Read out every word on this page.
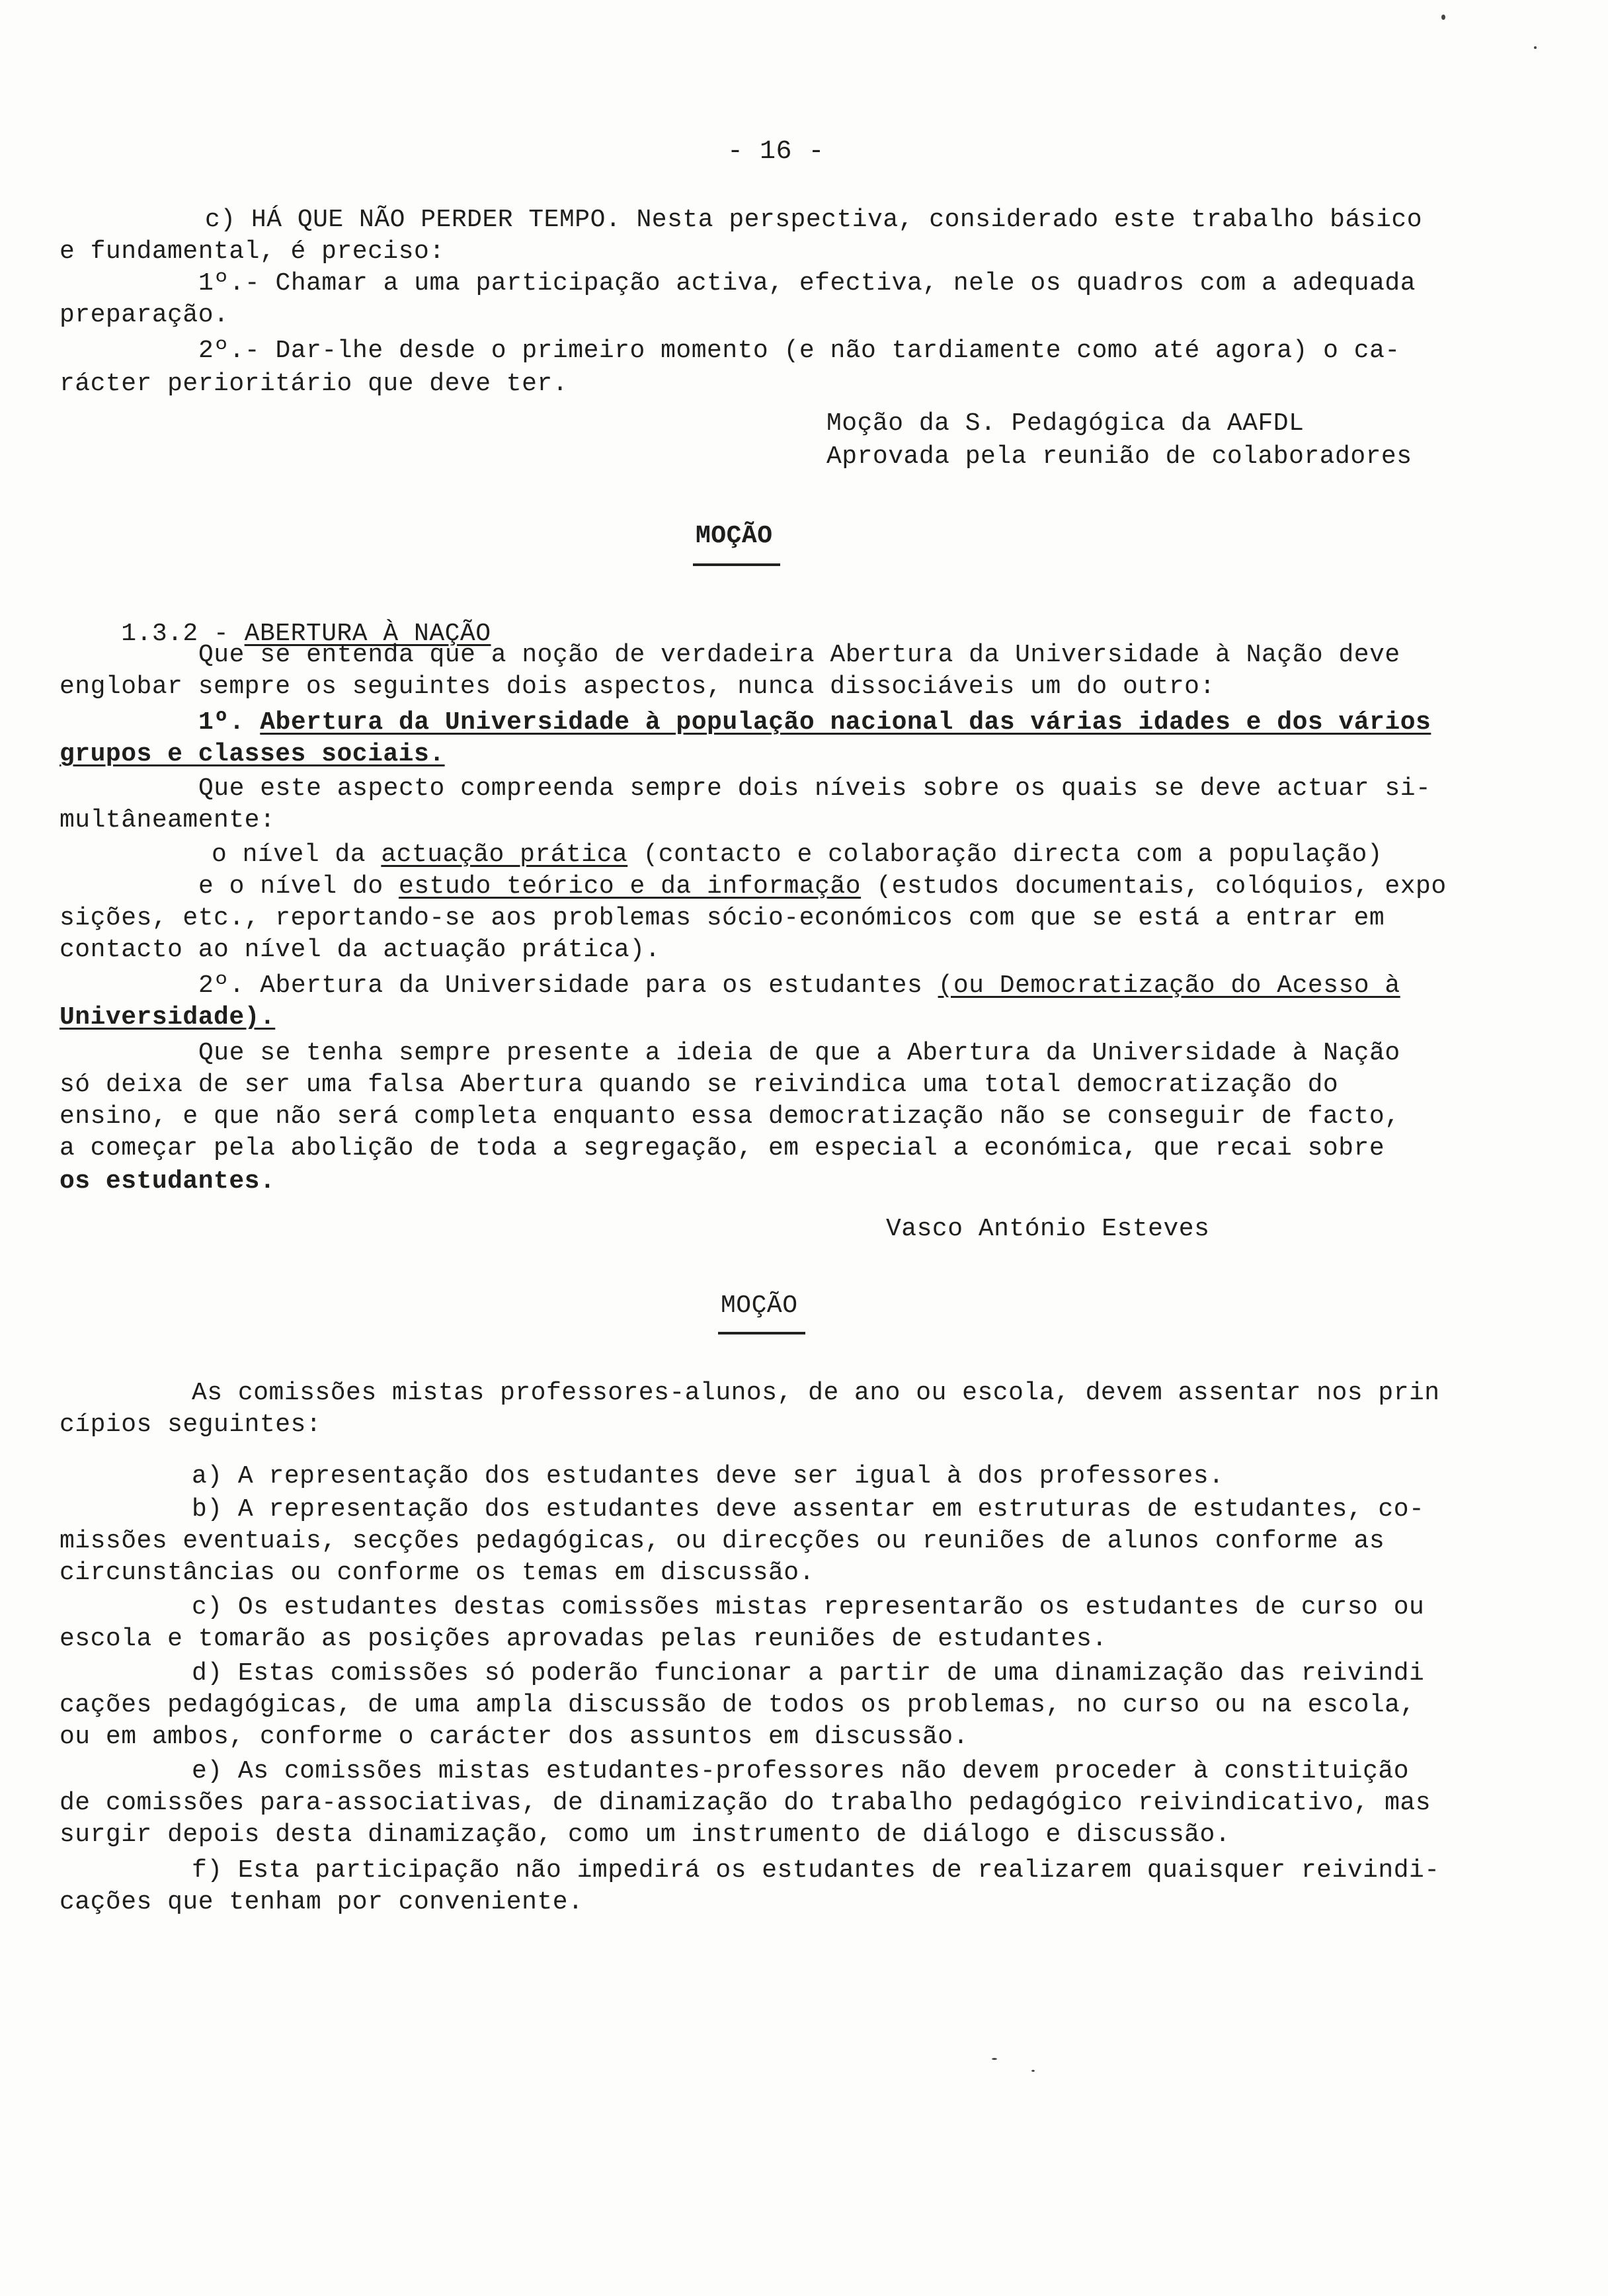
- 16 -
c) HÁ QUE NÃO PERDER TEMPO. Nesta perspectiva, considerado este trabalho básico
e fundamental, é preciso:
1º.- Chamar a uma participação activa, efectiva, nele os quadros com a adequada
preparação.
2º.- Dar-lhe desde o primeiro momento (e não tardiamente como até agora) o ca-
rácter perioritário que deve ter.
Moção da S. Pedagógica da AAFDL
Aprovada pela reunião de colaboradores
MOÇÃO

1.3.2 - ABERTURA À NAÇÃO

Que se entenda que a noção de verdadeira Abertura da Universidade à Nação deve
englobar sempre os seguintes dois aspectos, nunca dissociáveis um do outro:
1º. Abertura da Universidade à população nacional das várias idades e dos vários
grupos e classes sociais.
Que este aspecto compreenda sempre dois níveis sobre os quais se deve actuar si-
multâneamente:
o nível da actuação prática (contacto e colaboração directa com a população)
e o nível do estudo teórico e da informação (estudos documentais, colóquios, expo
sições, etc., reportando-se aos problemas sócio-económicos com que se está a entrar em
contacto ao nível da actuação prática).
2º. Abertura da Universidade para os estudantes (ou Democratização do Acesso à
Universidade).
Que se tenha sempre presente a ideia de que a Abertura da Universidade à Nação
só deixa de ser uma falsa Abertura quando se reivindica uma total democratização do
ensino, e que não será completa enquanto essa democratização não se conseguir de facto,
a começar pela abolição de toda a segregação, em especial a económica, que recai sobre
os estudantes.
Vasco António Esteves
MOÇÃO
As comissões mistas professores-alunos, de ano ou escola, devem assentar nos prin
cípios seguintes:
a) A representação dos estudantes deve ser igual à dos professores.
b) A representação dos estudantes deve assentar em estruturas de estudantes, co-
missões eventuais, secções pedagógicas, ou direcções ou reuniões de alunos conforme as
circunstâncias ou conforme os temas em discussão.
c) Os estudantes destas comissões mistas representarão os estudantes de curso ou
escola e tomarão as posições aprovadas pelas reuniões de estudantes.
d) Estas comissões só poderão funcionar a partir de uma dinamização das reivindi
cações pedagógicas, de uma ampla discussão de todos os problemas, no curso ou na escola,
ou em ambos, conforme o carácter dos assuntos em discussão.
e) As comissões mistas estudantes-professores não devem proceder à constituição
de comissões para-associativas, de dinamização do trabalho pedagógico reivindicativo, mas
surgir depois desta dinamização, como um instrumento de diálogo e discussão.
f) Esta participação não impedirá os estudantes de realizarem quaisquer reivindi-
cações que tenham por conveniente.
